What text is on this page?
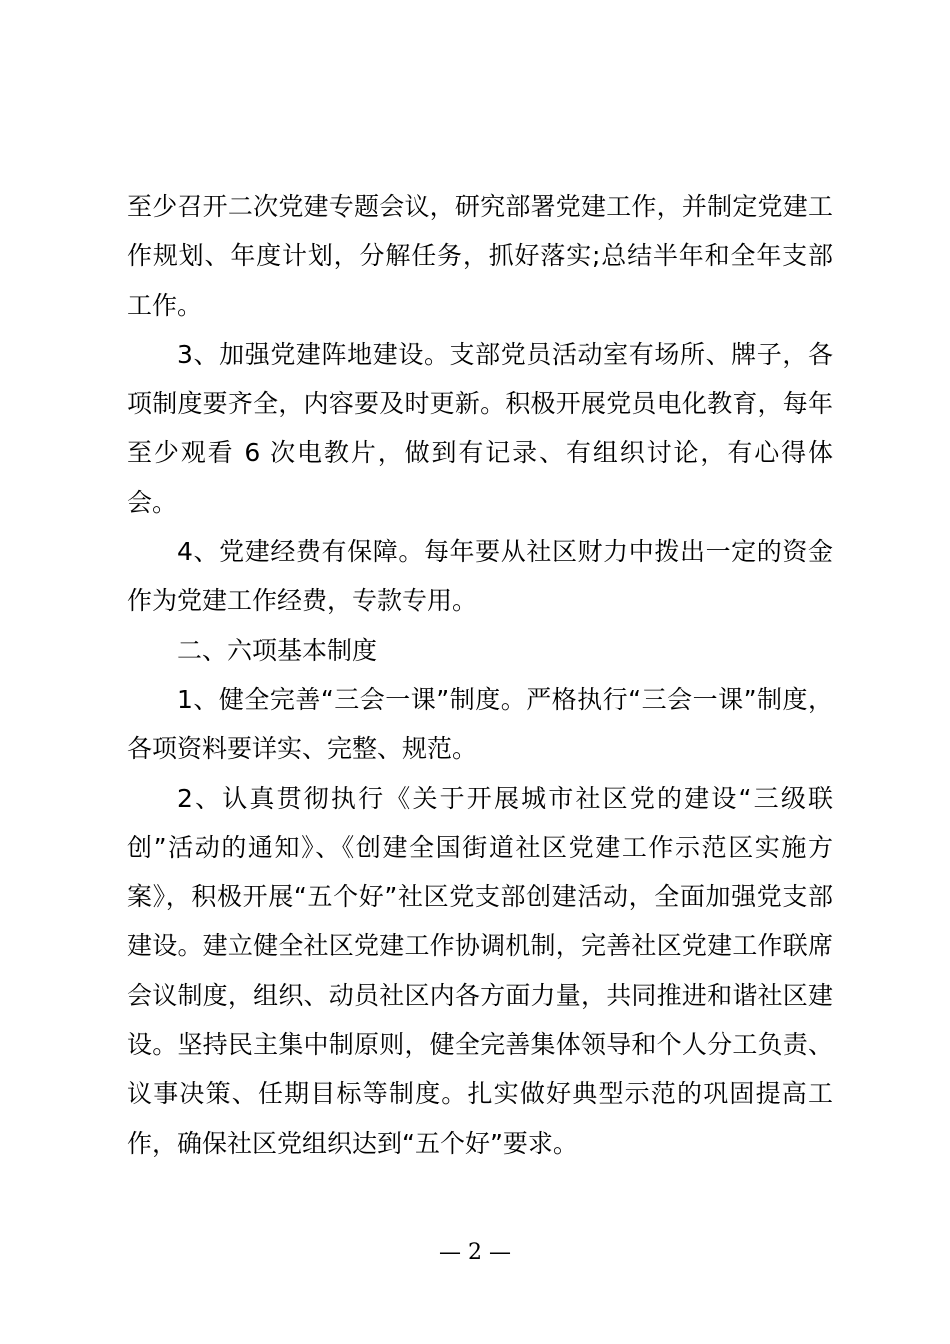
至少召开二次党建专题会议，研究部署党建工作，并制定党建工作规划、年度计划，分解任务，抓好落实;总结半年和全年支部工作。

3、加强党建阵地建设。支部党员活动室有场所、牌子，各项制度要齐全，内容要及时更新。积极开展党员电化教育，每年至少观看 6 次电教片，做到有记录、有组织讨论，有心得体会。

4、党建经费有保障。每年要从社区财力中拨出一定的资金作为党建工作经费，专款专用。

二、六项基本制度

1、健全完善“三会一课”制度。严格执行“三会一课”制度，各项资料要详实、完整、规范。

2、认真贯彻执行《关于开展城市社区党的建设“三级联创”活动的通知》、《创建全国街道社区党建工作示范区实施方案》，积极开展“五个好”社区党支部创建活动，全面加强党支部建设。建立健全社区党建工作协调机制，完善社区党建工作联席会议制度，组织、动员社区内各方面力量，共同推进和谐社区建设。坚持民主集中制原则，健全完善集体领导和个人分工负责、议事决策、任期目标等制度。扎实做好典型示范的巩固提高工作，确保社区党组织达到“五个好”要求。

— 2 —
